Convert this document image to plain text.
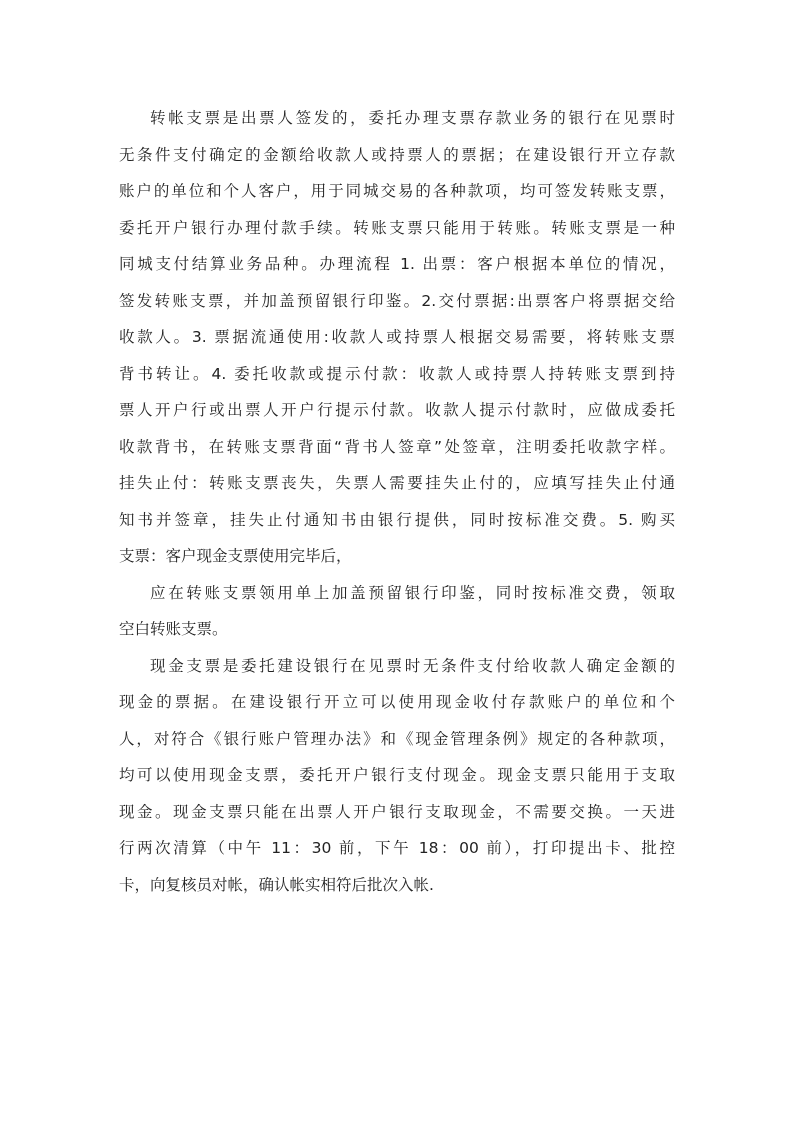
转帐支票是出票人签发的，委托办理支票存款业务的银行在见票时
无条件支付确定的金额给收款人或持票人的票据；在建设银行开立存款
账户的单位和个人客户，用于同城交易的各种款项，均可签发转账支票，
委托开户银行办理付款手续。转账支票只能用于转账。转账支票是一种
同城支付结算业务品种。办理流程 1. 出票：客户根据本单位的情况，
签发转账支票，并加盖预留银行印鉴。2.交付票据:出票客户将票据交给
收款人。3. 票据流通使用:收款人或持票人根据交易需要，将转账支票
背书转让。4. 委托收款或提示付款：收款人或持票人持转账支票到持
票人开户行或出票人开户行提示付款。收款人提示付款时，应做成委托
收款背书，在转账支票背面“背书人签章”处签章，注明委托收款字样。
挂失止付：转账支票丧失，失票人需要挂失止付的，应填写挂失止付通
知书并签章，挂失止付通知书由银行提供，同时按标准交费。5. 购买
支票：客户现金支票使用完毕后，
应在转账支票领用单上加盖预留银行印鉴，同时按标准交费，领取
空白转账支票。
现金支票是委托建设银行在见票时无条件支付给收款人确定金额的
现金的票据。在建设银行开立可以使用现金收付存款账户的单位和个
人，对符合《银行账户管理办法》和《现金管理条例》规定的各种款项，
均可以使用现金支票，委托开户银行支付现金。现金支票只能用于支取
现金。现金支票只能在出票人开户银行支取现金，不需要交换。一天进
行两次清算（中午 11：30 前，下午 18：00 前），打印提出卡、批控
卡，向复核员对帐，确认帐实相符后批次入帐.
